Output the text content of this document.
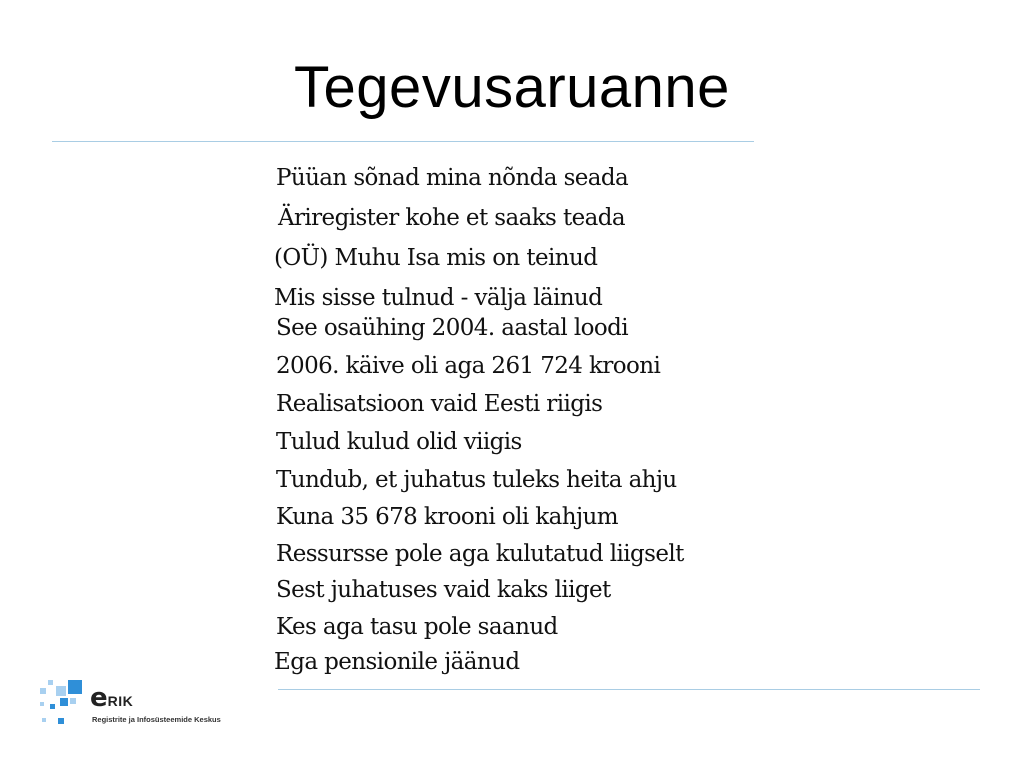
Tegevusaruanne
Püüan sõnad mina nõnda seada
Äriregister kohe et saaks teada
(OÜ) Muhu Isa mis on teinud
Mis sisse tulnud - välja läinud
See osaühing 2004. aastal loodi
2006. käive oli aga 261 724 krooni
Realisatsioon vaid Eesti riigis
Tulud kulud olid viigis
Tundub, et juhatus tuleks heita ahju
Kuna 35 678 krooni oli kahjum
Ressursse pole aga kulutatud liigselt
Sest juhatuses vaid kaks liiget
Kes aga tasu pole saanud
Ega pensionile jäänud
eRIK
Registrite ja Infosüsteemide Keskus
